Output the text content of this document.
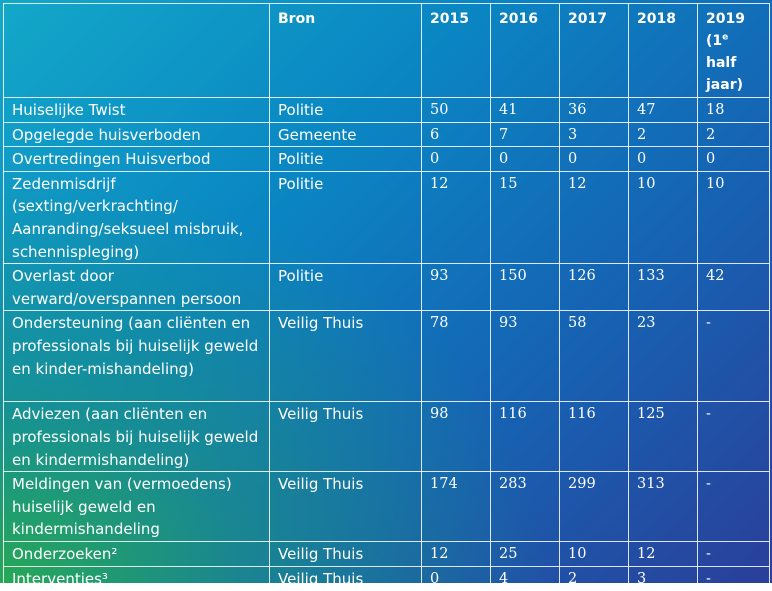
	Bron	2015	2016	2017	2018	2019
(1e
half
jaar)
Huiselijke Twist	Politie	50	41	36	47	18
Opgelegde huisverboden	Gemeente	6	7	3	2	2
Overtredingen Huisverbod	Politie	0	0	0	0	0
Zedenmisdrijf (sexting/verkrachting/ Aanranding/seksueel misbruik, schennispleging)	Politie	12	15	12	10	10
Overlast door verward/overspannen persoon	Politie	93	150	126	133	42
Ondersteuning (aan cliënten en professionals bij huiselijk geweld en kinder-mishandeling)	Veilig Thuis	78	93	58	23	-
Adviezen (aan cliënten en professionals bij huiselijk geweld en kindermishandeling)	Veilig Thuis	98	116	116	125	-
Meldingen van (vermoedens) huiselijk geweld en kindermishandeling	Veilig Thuis	174	283	299	313	-
Onderzoeken²	Veilig Thuis	12	25	10	12	-
Interventies³	Veilig Thuis	0	4	2	3	-
